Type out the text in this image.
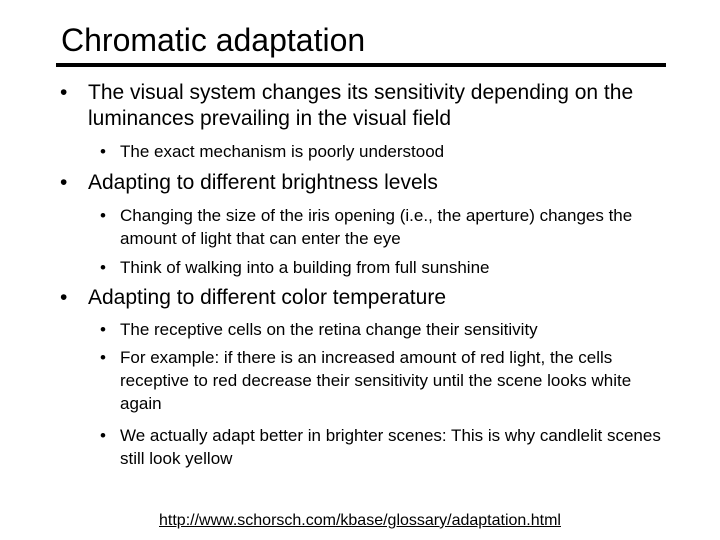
Chromatic adaptation
• The visual system changes its sensitivity depending on the luminances prevailing in the visual field
• The exact mechanism is poorly understood
• Adapting to different brightness levels
• Changing the size of the iris opening (i.e., the aperture) changes the amount of light that can enter the eye
• Think of walking into a building from full sunshine
• Adapting to different color temperature
• The receptive cells on the retina change their sensitivity
• For example: if there is an increased amount of red light, the cells receptive to red decrease their sensitivity until the scene looks white again
• We actually adapt better in brighter scenes: This is why candlelit scenes still look yellow
http://www.schorsch.com/kbase/glossary/adaptation.html
